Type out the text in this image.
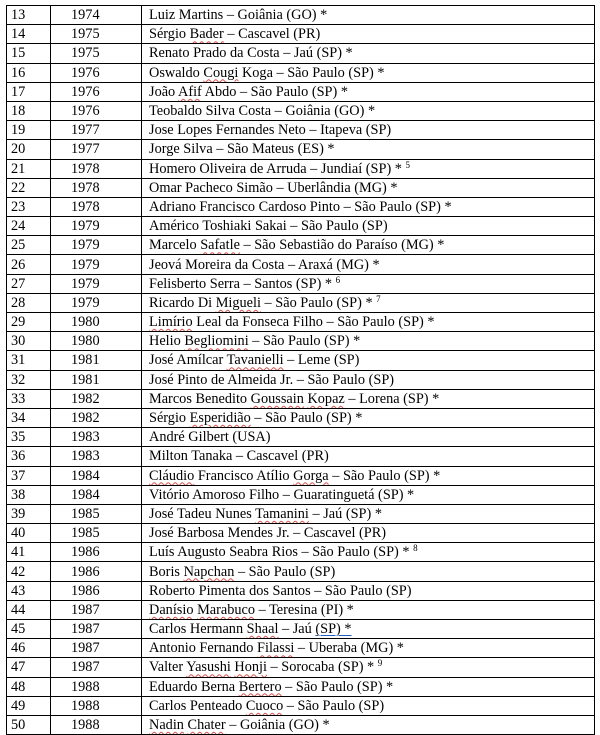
13	1974	Luiz Martins – Goiânia (GO) *
14	1975	Sérgio Bader – Cascavel (PR)
15	1975	Renato Prado da Costa – Jaú (SP) *
16	1976	Oswaldo Cougi Koga – São Paulo (SP) *
17	1976	João Afif Abdo – São Paulo (SP) *
18	1976	Teobaldo Silva Costa – Goiânia (GO) *
19	1977	Jose Lopes Fernandes Neto – Itapeva (SP)
20	1977	Jorge Silva – São Mateus (ES) *
21	1978	Homero Oliveira de Arruda – Jundiaí (SP) * $^5$
22	1978	Omar Pacheco Simão – Uberlândia (MG) *
23	1978	Adriano Francisco Cardoso Pinto – São Paulo (SP) *
24	1979	Américo Toshiaki Sakai – São Paulo (SP)
25	1979	Marcelo Safatle – São Sebastião do Paraíso (MG) *
26	1979	Jeová Moreira da Costa – Araxá (MG) *
27	1979	Felisberto Serra – Santos (SP) * $^6$
28	1979	Ricardo Di Migueli – São Paulo (SP) * $^7$
29	1980	Limírio Leal da Fonseca Filho – São Paulo (SP) *
30	1980	Helio Begliomini – São Paulo (SP) *
31	1981	José Amílcar Tavanielli – Leme (SP)
32	1981	José Pinto de Almeida Jr. – São Paulo (SP)
33	1982	Marcos Benedito Goussain Kopaz – Lorena (SP) *
34	1982	Sérgio Esperidião – São Paulo (SP) *
35	1983	André Gilbert (USA)
36	1983	Milton Tanaka – Cascavel (PR)
37	1984	Cláudio Francisco Atílio Gorga – São Paulo (SP) *
38	1984	Vitório Amoroso Filho – Guaratinguetá (SP) *
39	1985	José Tadeu Nunes Tamanini – Jaú (SP) *
40	1985	José Barbosa Mendes Jr. – Cascavel (PR)
41	1986	Luís Augusto Seabra Rios – São Paulo (SP) * $^8$
42	1986	Boris Napchan – São Paulo (SP)
43	1986	Roberto Pimenta dos Santos – São Paulo (SP)
44	1987	Danísio Marabuco – Teresina (PI) *
45	1987	Carlos Hermann Shaal – Jaú (SP) *
46	1987	Antonio Fernando Filassi – Uberaba (MG) *
47	1987	Valter Yasushi Honji – Sorocaba (SP) * $^9$
48	1988	Eduardo Berna Bertero – São Paulo (SP) *
49	1988	Carlos Penteado Cuoco – São Paulo (SP)
50	1988	Nadin Chater – Goiânia (GO) *
